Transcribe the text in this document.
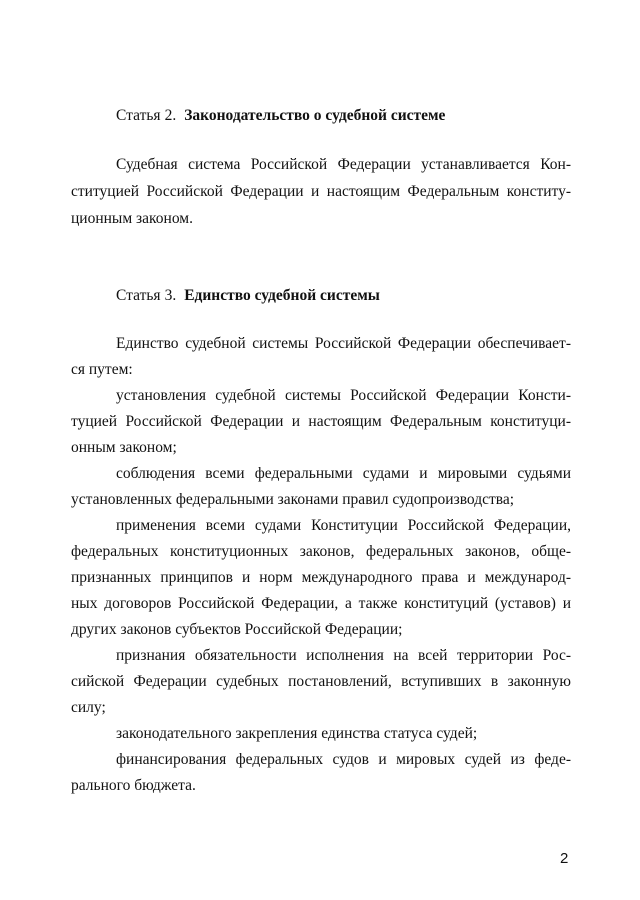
Статья 2. Законодательство о судебной системе
Судебная система Российской Федерации устанавливается Кон-
ституцией Российской Федерации и настоящим Федеральным конститу-
ционным законом.
Статья 3. Единство судебной системы
Единство судебной системы Российской Федерации обеспечивает-
ся путем:
установления судебной системы Российской Федерации Консти-
туцией Российской Федерации и настоящим Федеральным конституци-
онным законом;
соблюдения всеми федеральными судами и мировыми судьями
установленных федеральными законами правил судопроизводства;
применения всеми судами Конституции Российской Федерации,
федеральных конституционных законов, федеральных законов, обще-
признанных принципов и норм международного права и международ-
ных договоров Российской Федерации, а также конституций (уставов) и
других законов субъектов Российской Федерации;
признания обязательности исполнения на всей территории Рос-
сийской Федерации судебных постановлений, вступивших в законную
силу;
законодательного закрепления единства статуса судей;
финансирования федеральных судов и мировых судей из феде-
рального бюджета.
2
